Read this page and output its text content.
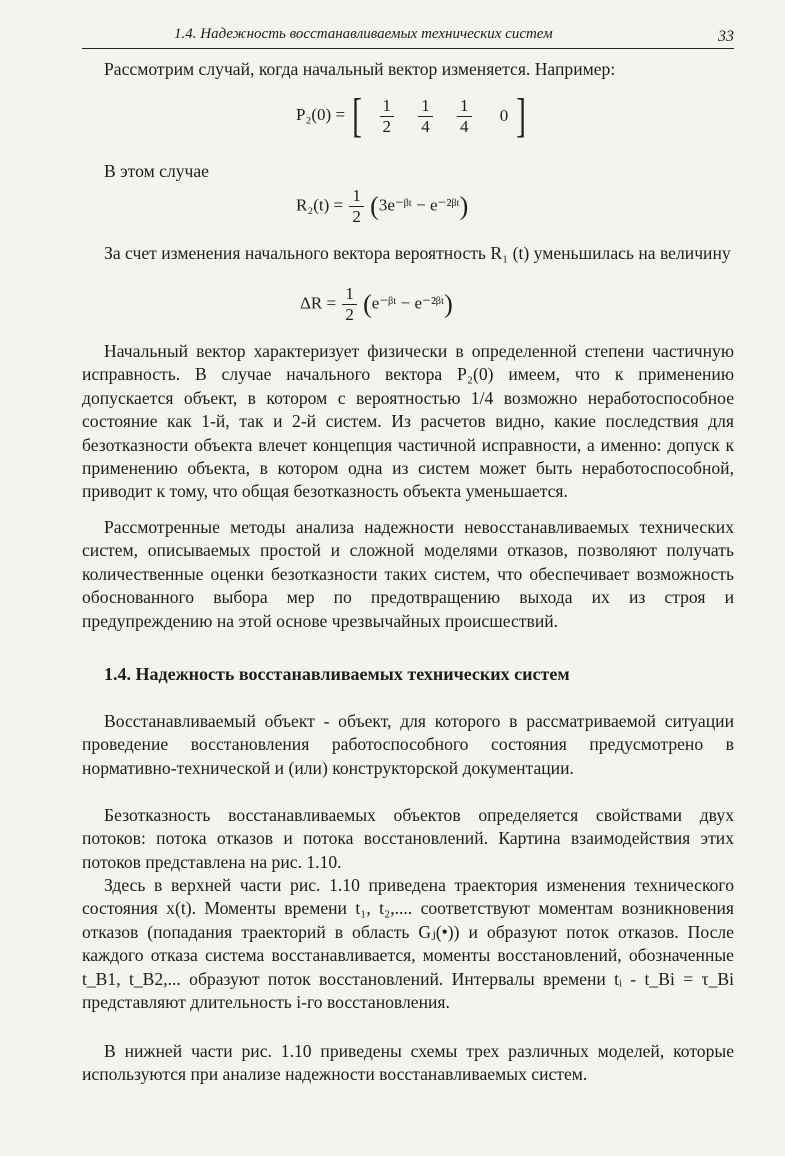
1.4. Надежность восстанавливаемых технических систем	33
Рассмотрим случай, когда начальный вектор изменяется. Например:
P₂(0) = [ $\frac{1}{2}$
$\frac{1}{4}$
$\frac{1}{4} 0$ ]
В этом случае
$R_2(t) = \frac{1}{2}$ (3e⁻ᵝᵗ − e⁻²ᵝᵗ)
За счет изменения начального вектора вероятность R₁ (t) уменьшилась на величину
$\Delta R = \frac{1}{2}$ (e⁻ᵝᵗ − e⁻²ᵝᵗ)
Начальный вектор характеризует физически в определенной степени частичную исправность. В случае начального вектора P₂(0) имеем, что к применению допускается объект, в котором с вероятностью 1/4 возможно неработоспособное состояние как 1-й, так и 2-й систем. Из расчетов видно, какие последствия для безотказности объекта влечет концепция частичной исправности, а именно: допуск к применению объекта, в котором одна из систем может быть неработоспособной, приводит к тому, что общая безотказность объекта уменьшается.
Рассмотренные методы анализа надежности невосстанавливаемых технических систем, описываемых простой и сложной моделями отказов, позволяют получать количественные оценки безотказности таких систем, что обеспечивает возможность обоснованного выбора мер по предотвращению выхода их из строя и предупреждению на этой основе чрезвычайных происшествий.
1.4. Надежность восстанавливаемых технических систем
Восстанавливаемый объект - объект, для которого в рассматриваемой ситуации проведение восстановления работоспособного состояния предусмотрено в нормативно-технической и (или) конструкторской документации.
Безотказность восстанавливаемых объектов определяется свойствами двух потоков: потока отказов и потока восстановлений. Картина взаимодействия этих потоков представлена на рис. 1.10.
Здесь в верхней части рис. 1.10 приведена траектория изменения технического состояния x(t). Моменты времени t₁, t₂,.... соответствуют моментам возникновения отказов (попадания траекторий в область Gⱼ(•)) и образуют поток отказов. После каждого отказа система восстанавливается, моменты восстановлений, обозначенные t_B1, t_B2,... образуют поток восстановлений. Интервалы времени tᵢ - t_Bi = τ_Bi представляют длительность i-го восстановления.
В нижней части рис. 1.10 приведены схемы трех различных моделей, которые используются при анализе надежности восстанавливаемых систем.
